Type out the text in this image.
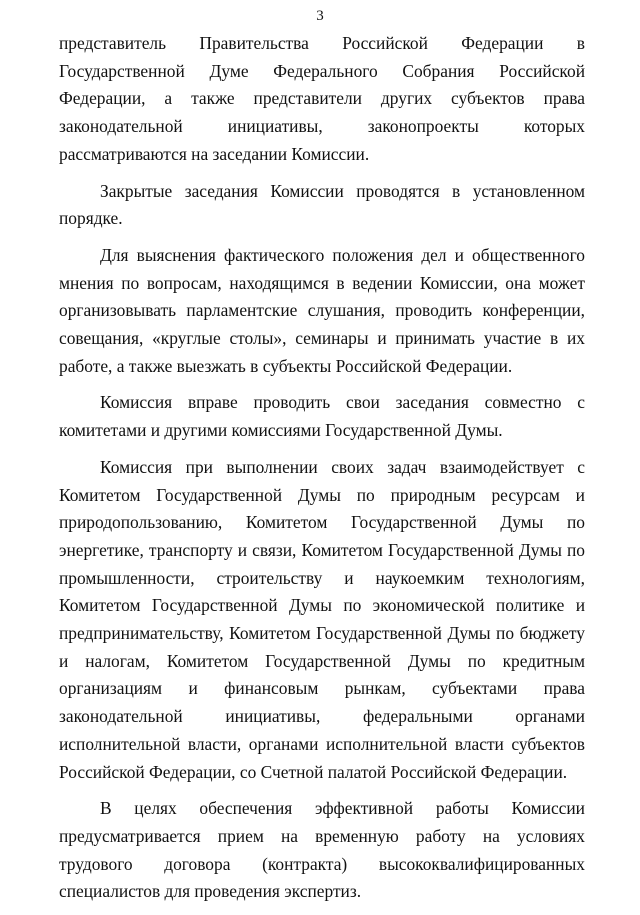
3

представитель Правительства Российской Федерации в Государственной Думе Федерального Собрания Российской Федерации, а также представители других субъектов права законодательной инициативы, законопроекты которых рассматриваются на заседании Комиссии.

Закрытые заседания Комиссии проводятся в установленном порядке.

Для выяснения фактического положения дел и общественного мнения по вопросам, находящимся в ведении Комиссии, она может организовывать парламентские слушания, проводить конференции, совещания, «круглые столы», семинары и принимать участие в их работе, а также выезжать в субъекты Российской Федерации.

Комиссия вправе проводить свои заседания совместно с комитетами и другими комиссиями Государственной Думы.

Комиссия при выполнении своих задач взаимодействует с Комитетом Государственной Думы по природным ресурсам и природопользованию, Комитетом Государственной Думы по энергетике, транспорту и связи, Комитетом Государственной Думы по промышленности, строительству и наукоемким технологиям, Комитетом Государственной Думы по экономической политике и предпринимательству, Комитетом Государственной Думы по бюджету и налогам, Комитетом Государственной Думы по кредитным организациям и финансовым рынкам, субъектами права законодательной инициативы, федеральными органами исполнительной власти, органами исполнительной власти субъектов Российской Федерации, со Счетной палатой Российской Федерации.

В целях обеспечения эффективной работы Комиссии предусматривается прием на временную работу на условиях трудового договора (контракта) высококвалифицированных специалистов для проведения экспертиз.
